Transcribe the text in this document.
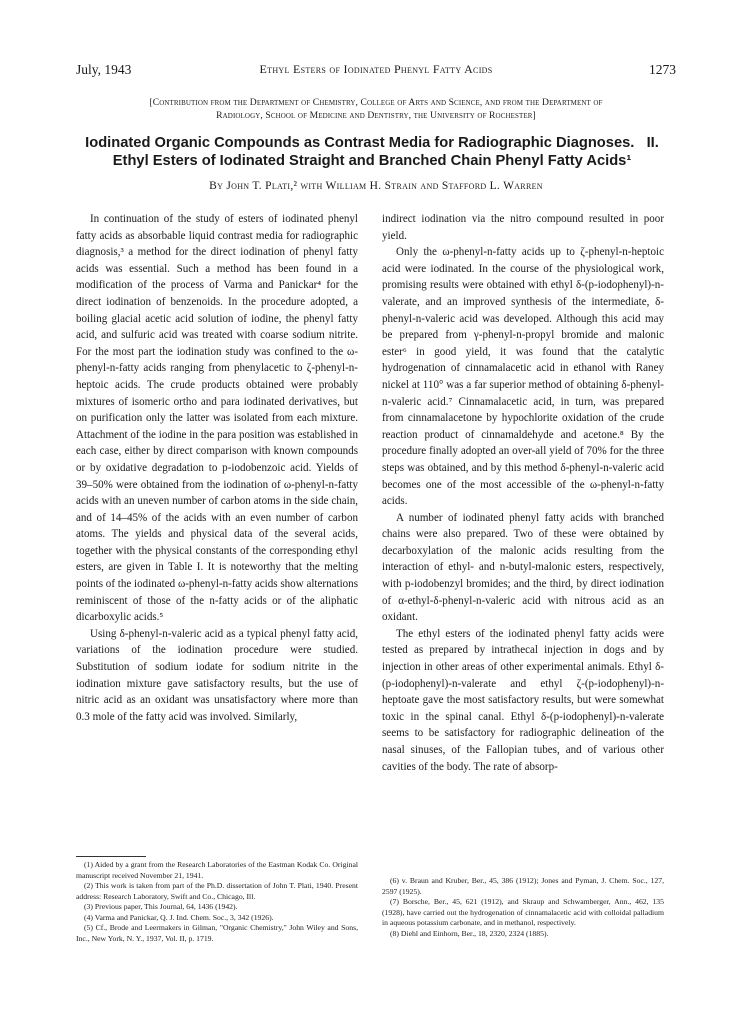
July, 1943	Ethyl Esters of Iodinated Phenyl Fatty Acids	1273
[Contribution from the Department of Chemistry, College of Arts and Science, and from the Department of
Radiology, School of Medicine and Dentistry, the University of Rochester]
Iodinated Organic Compounds as Contrast Media for Radiographic Diagnoses.   II.
Ethyl Esters of Iodinated Straight and Branched Chain Phenyl Fatty Acids¹
By John T. Plati,² with William H. Strain and Stafford L. Warren

In continuation of the study of esters of iodinated phenyl fatty acids as absorbable liquid contrast media for radiographic diagnosis,³ a method for the direct iodination of phenyl fatty acids was essential. Such a method has been found in a modification of the process of Varma and Panickar⁴ for the direct iodination of benzenoids. In the procedure adopted, a boiling glacial acetic acid solution of iodine, the phenyl fatty acid, and sulfuric acid was treated with coarse sodium nitrite. For the most part the iodination study was confined to the ω-phenyl-n-fatty acids ranging from phenylacetic to ζ-phenyl-n-heptoic acids. The crude products obtained were probably mixtures of isomeric ortho and para iodinated derivatives, but on purification only the latter was isolated from each mixture. Attachment of the iodine in the para position was established in each case, either by direct comparison with known compounds or by oxidative degradation to p-iodobenzoic acid. Yields of 39–50% were obtained from the iodination of ω-phenyl-n-fatty acids with an uneven number of carbon atoms in the side chain, and of 14–45% of the acids with an even number of carbon atoms. The yields and physical data of the several acids, together with the physical constants of the corresponding ethyl esters, are given in Table I. It is noteworthy that the melting points of the iodinated ω-phenyl-n-fatty acids show alternations reminiscent of those of the n-fatty acids or of the aliphatic dicarboxylic acids.⁵

Using δ-phenyl-n-valeric acid as a typical phenyl fatty acid, variations of the iodination procedure were studied. Substitution of sodium iodate for sodium nitrite in the iodination mixture gave satisfactory results, but the use of nitric acid as an oxidant was unsatisfactory where more than 0.3 mole of the fatty acid was involved. Similarly,

indirect iodination via the nitro compound resulted in poor yield.

Only the ω-phenyl-n-fatty acids up to ζ-phenyl-n-heptoic acid were iodinated. In the course of the physiological work, promising results were obtained with ethyl δ-(p-iodophenyl)-n-valerate, and an improved synthesis of the intermediate, δ-phenyl-n-valeric acid was developed. Although this acid may be prepared from γ-phenyl-n-propyl bromide and malonic ester⁶ in good yield, it was found that the catalytic hydrogenation of cinnamalacetic acid in ethanol with Raney nickel at 110° was a far superior method of obtaining δ-phenyl-n-valeric acid.⁷ Cinnamalacetic acid, in turn, was prepared from cinnamalacetone by hypochlorite oxidation of the crude reaction product of cinnamaldehyde and acetone.⁸ By the procedure finally adopted an over-all yield of 70% for the three steps was obtained, and by this method δ-phenyl-n-valeric acid becomes one of the most accessible of the ω-phenyl-n-fatty acids.

A number of iodinated phenyl fatty acids with branched chains were also prepared. Two of these were obtained by decarboxylation of the malonic acids resulting from the interaction of ethyl- and n-butyl-malonic esters, respectively, with p-iodobenzyl bromides; and the third, by direct iodination of α-ethyl-δ-phenyl-n-valeric acid with nitrous acid as an oxidant.

The ethyl esters of the iodinated phenyl fatty acids were tested as prepared by intrathecal injection in dogs and by injection in other areas of other experimental animals. Ethyl δ-(p-iodophenyl)-n-valerate and ethyl ζ-(p-iodophenyl)-n-heptoate gave the most satisfactory results, but were somewhat toxic in the spinal canal. Ethyl δ-(p-iodophenyl)-n-valerate seems to be satisfactory for radiographic delineation of the nasal sinuses, of the Fallopian tubes, and of various other cavities of the body. The rate of absorp-

(1) Aided by a grant from the Research Laboratories of the Eastman Kodak Co. Original manuscript received November 21, 1941.
(2) This work is taken from part of the Ph.D. dissertation of John T. Plati, 1940. Present address: Research Laboratory, Swift and Co., Chicago, Ill.
(3) Previous paper, This Journal, 64, 1436 (1942).
(4) Varma and Panickar, Q. J. Ind. Chem. Soc., 3, 342 (1926).
(5) Cf., Brode and Leermakers in Gilman, "Organic Chemistry," John Wiley and Sons, Inc., New York, N. Y., 1937, Vol. II, p. 1719.
(6) v. Braun and Kruber, Ber., 45, 386 (1912); Jones and Pyman, J. Chem. Soc., 127, 2597 (1925).
(7) Borsche, Ber., 45, 621 (1912), and Skraup and Schwamberger, Ann., 462, 135 (1928), have carried out the hydrogenation of cinnamalacetic acid with colloidal palladium in aqueous potassium carbonate, and in methanol, respectively.
(8) Diehl and Einhorn, Ber., 18, 2320, 2324 (1885).
